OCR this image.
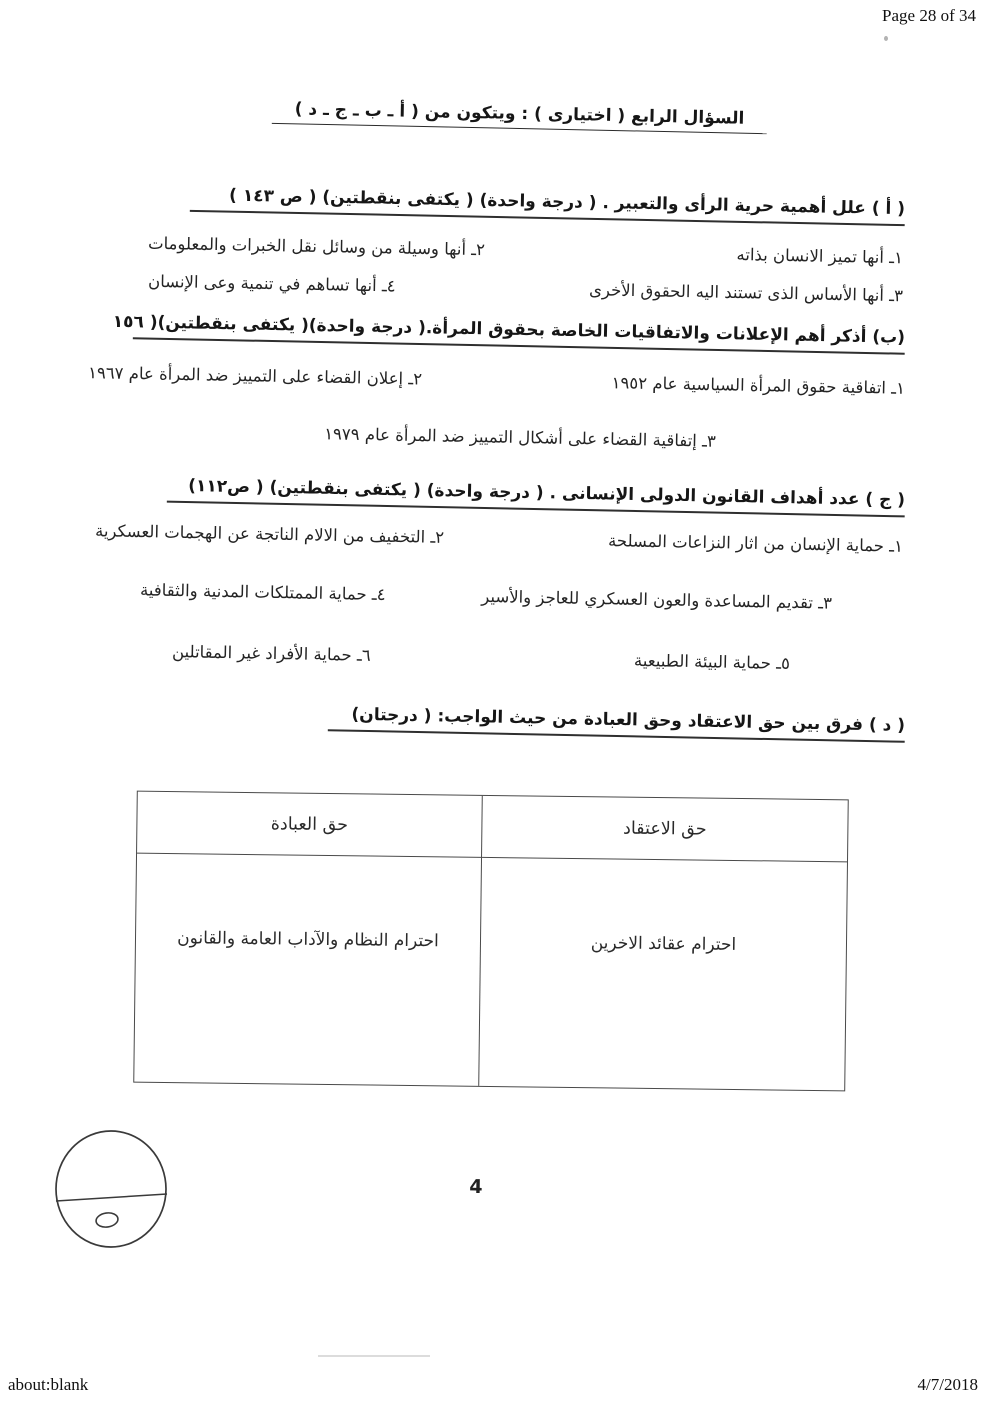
Page 28 of 34
about:blank	4/7/2018
السؤال الرابع ( اختيارى ) : ويتكون من ( أ ـ ب ـ ج ـ د )
( أ ) علل أهمية حرية الرأى والتعبير . ( درجة واحدة) ( يكتفى بنقطتين) ( ص ١٤٣ )
١ـ أنها تميز الانسان بذاته
٢ـ أنها وسيلة من وسائل نقل الخبرات والمعلومات
٣ـ أنها الأساس الذى تستند اليه الحقوق الأخرى
٤ـ أنها تساهم في تنمية وعى الإنسان
(ب) أذكر أهم الإعلانات والاتفاقيات الخاصة بحقوق المرأة.( درجة واحدة)( يكتفى بنقطتين)( ١٥٦
١ـ اتفاقية حقوق المرأة السياسية عام ١٩٥٢
٢ـ إعلان القضاء على التمييز ضد المرأة عام ١٩٦٧
٣ـ إتفاقية القضاء على أشكال التمييز ضد المرأة عام ١٩٧٩
( ج ) عدد أهداف القانون الدولى الإنسانى . ( درجة واحدة) ( يكتفى بنقطتين) ( ص١١٢)
١ـ حماية الإنسان من اثار النزاعات المسلحة
٢ـ التخفيف من الالام الناتجة عن الهجمات العسكرية
٣ـ تقديم المساعدة والعون العسكري للعاجز والأسير
٤ـ حماية الممتلكات المدنية والثقافية
٥ـ حماية البيئة الطبيعية
٦ـ حماية الأفراد غير المقاتلين
( د ) فرق بين حق الاعتقاد وحق العبادة من حيث الواجب: ( درجتان)
حق العبادة	حق الاعتقاد
احترام النظام والآداب العامة والقانون	احترام عقائد الاخرين
4
